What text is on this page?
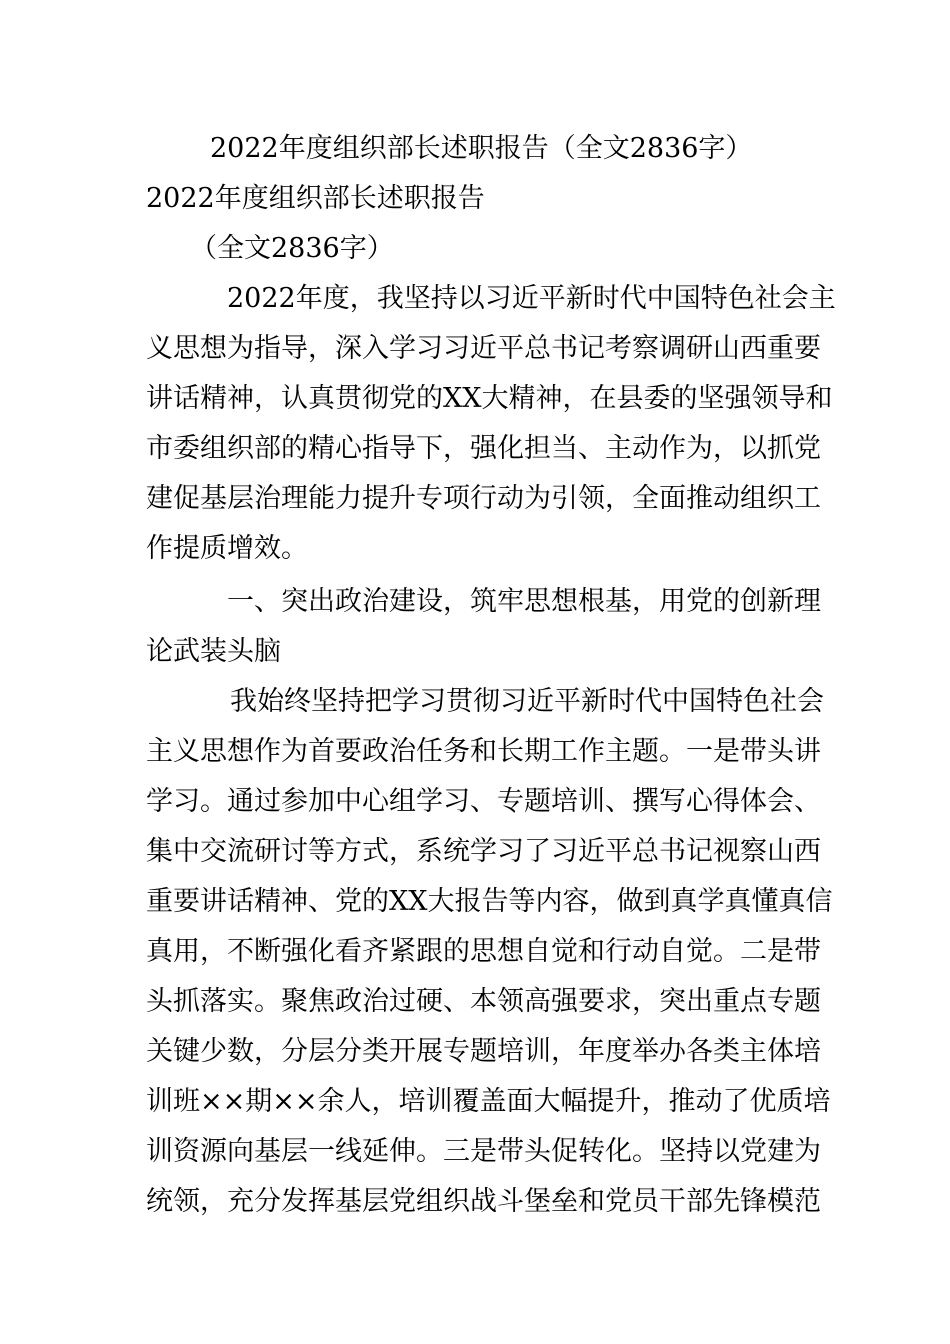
2022年度组织部长述职报告（全文2836字）
2022年度组织部长述职报告
（全文2836字）
2022年度，我坚持以习近平新时代中国特色社会主
义思想为指导，深入学习习近平总书记考察调研山西重要
讲话精神，认真贯彻党的XX大精神，在县委的坚强领导和
市委组织部的精心指导下，强化担当、主动作为，以抓党
建促基层治理能力提升专项行动为引领，全面推动组织工
作提质增效。
一、突出政治建设，筑牢思想根基，用党的创新理
论武装头脑
我始终坚持把学习贯彻习近平新时代中国特色社会
主义思想作为首要政治任务和长期工作主题。一是带头讲
学习。通过参加中心组学习、专题培训、撰写心得体会、
集中交流研讨等方式，系统学习了习近平总书记视察山西
重要讲话精神、党的XX大报告等内容，做到真学真懂真信
真用，不断强化看齐紧跟的思想自觉和行动自觉。二是带
头抓落实。聚焦政治过硬、本领高强要求，突出重点专题
关键少数，分层分类开展专题培训，年度举办各类主体培
训班××期××余人，培训覆盖面大幅提升，推动了优质培
训资源向基层一线延伸。三是带头促转化。坚持以党建为
统领，充分发挥基层党组织战斗堡垒和党员干部先锋模范
